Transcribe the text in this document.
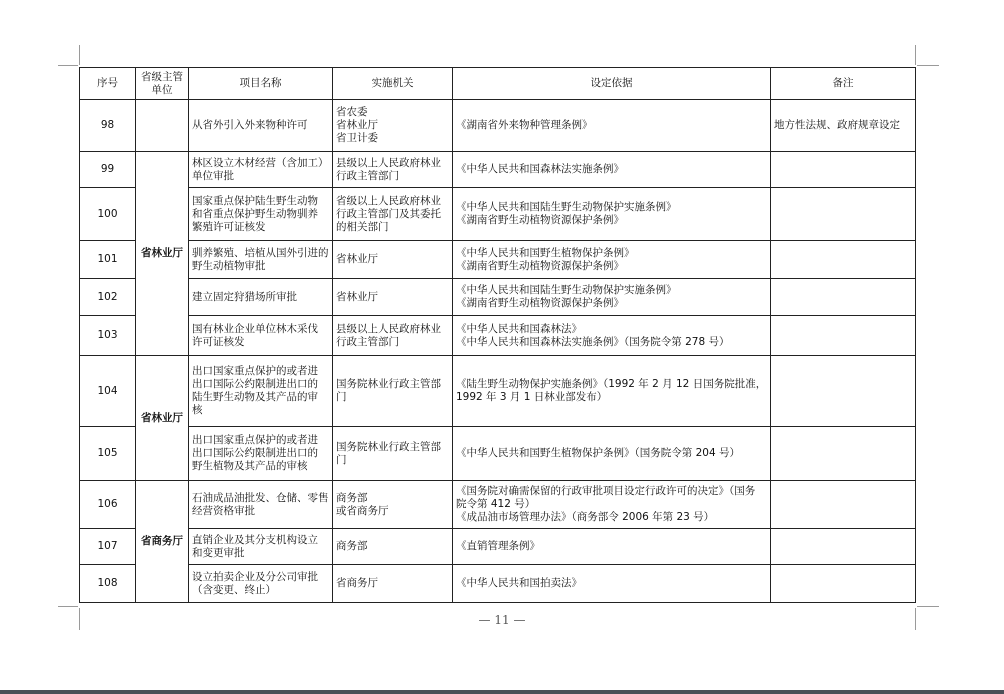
序号	省级主管
单位	项目名称	实施机关	设定依据	备注
98		从省外引入外来物种许可	省农委
省林业厅
省卫计委	《湖南省外来物种管理条例》	地方性法规、政府规章设定
99	省林业厅	林区设立木材经营（含加工）
单位审批	县级以上人民政府林业
行政主管部门	《中华人民共和国森林法实施条例》	

100		国家重点保护陆生野生动物
和省重点保护野生动物驯养
繁殖许可证核发	省级以上人民政府林业
行政主管部门及其委托
的相关部门	《中华人民共和国陆生野生动物保护实施条例》
《湖南省野生动植物资源保护条例》	

101		驯养繁殖、培植从国外引进的
野生动植物审批	省林业厅	《中华人民共和国野生植物保护条例》
《湖南省野生动植物资源保护条例》	

102		建立固定狩猎场所审批	省林业厅	《中华人民共和国陆生野生动物保护实施条例》
《湖南省野生动植物资源保护条例》	

103		国有林业企业单位林木采伐
许可证核发	县级以上人民政府林业
行政主管部门	《中华人民共和国森林法》
《中华人民共和国森林法实施条例》（国务院令第 278 号）	

104	省林业厅	出口国家重点保护的或者进
出口国际公约限制进出口的
陆生野生动物及其产品的审
核	国务院林业行政主管部
门	《陆生野生动物保护实施条例》（1992 年 2 月 12 日国务院批准，
1992 年 3 月 1 日林业部发布）	

105		出口国家重点保护的或者进
出口国际公约限制进出口的
野生植物及其产品的审核	国务院林业行政主管部
门	《中华人民共和国野生植物保护条例》（国务院令第 204 号）	

106	省商务厅	石油成品油批发、仓储、零售
经营资格审批	商务部
或省商务厅	《国务院对确需保留的行政审批项目设定行政许可的决定》（国务
院令第 412 号）
《成品油市场管理办法》（商务部令 2006 年第 23 号）	

107		直销企业及其分支机构设立
和变更审批	商务部	《直销管理条例》	

108		设立拍卖企业及分公司审批
（含变更、终止）	省商务厅	《中华人民共和国拍卖法》	

— 11 —
